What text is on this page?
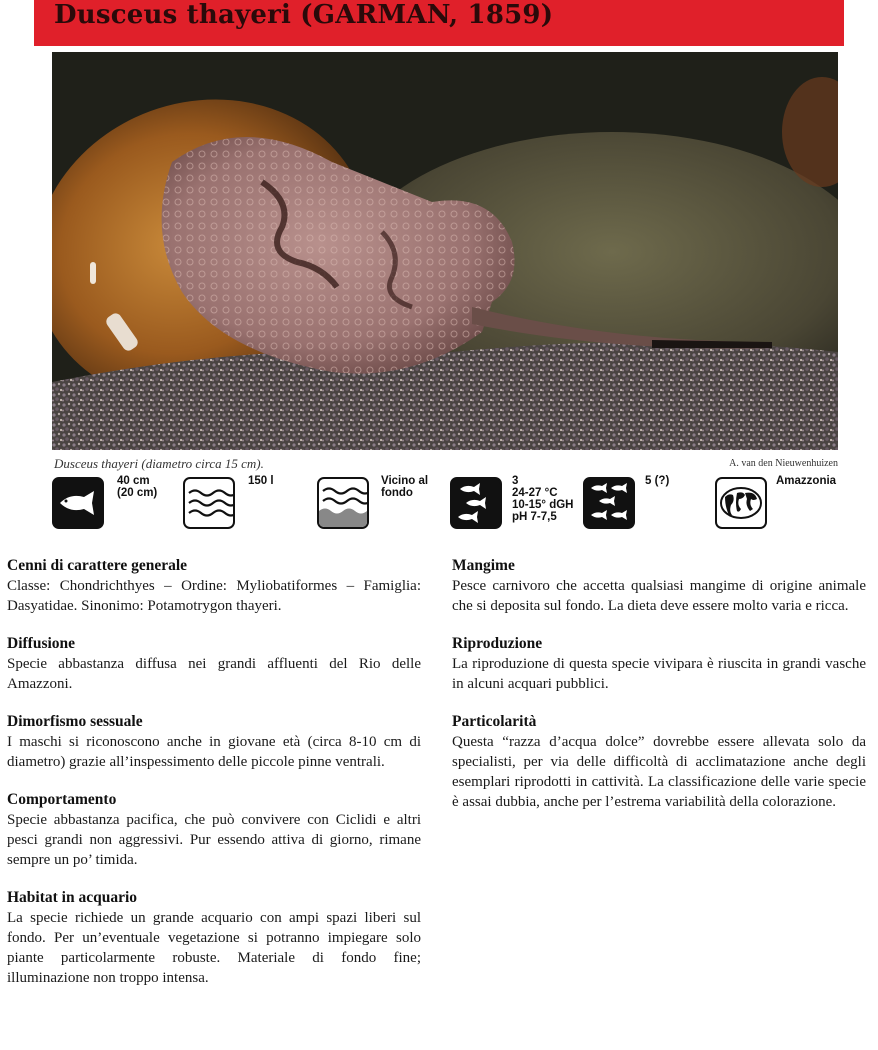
Dusceus thayeri (GARMAN, 1859)
Dusceus thayeri (diametro circa 15 cm).	A. van den Nieuwenhuizen
40 cm
(20 cm)
150 l	Vicino al
fondo
3
24-27 °C
10-15° dGH
pH 7-7,5
5 (?)	Amazzonia
Cenni di carattere generale

Classe: Chondrichthyes – Ordine: Myliobatiformes – Famiglia: Dasyatidae. Sinonimo: Potamotrygon thayeri.

Diffusione

Specie abbastanza diffusa nei grandi affluenti del Rio delle Amazzoni.

Dimorfismo sessuale

I maschi si riconoscono anche in giovane età (circa 8-10 cm di diametro) grazie all’inspessimento delle piccole pinne ventrali.

Comportamento

Specie abbastanza pacifica, che può convivere con Ciclidi e altri pesci grandi non aggressivi. Pur essendo attiva di giorno, rimane sempre un po’ timida.

Habitat in acquario

La specie richiede un grande acquario con ampi spazi liberi sul fondo. Per un’eventuale vegetazione si potranno impiegare solo piante particolarmente robuste. Materiale di fondo fine; illuminazione non troppo intensa.

Mangime

Pesce carnivoro che accetta qualsiasi mangime di origine animale che si deposita sul fondo. La dieta deve essere molto varia e ricca.

Riproduzione

La riproduzione di questa specie vivipara è riuscita in grandi vasche in alcuni acquari pubblici.

Particolarità

Questa “razza d’acqua dolce” dovrebbe essere allevata solo da specialisti, per via delle difficoltà di acclimatazione anche degli esemplari riprodotti in cattività. La classificazione delle varie specie è assai dubbia, anche per l’estrema variabilità della colorazione.
